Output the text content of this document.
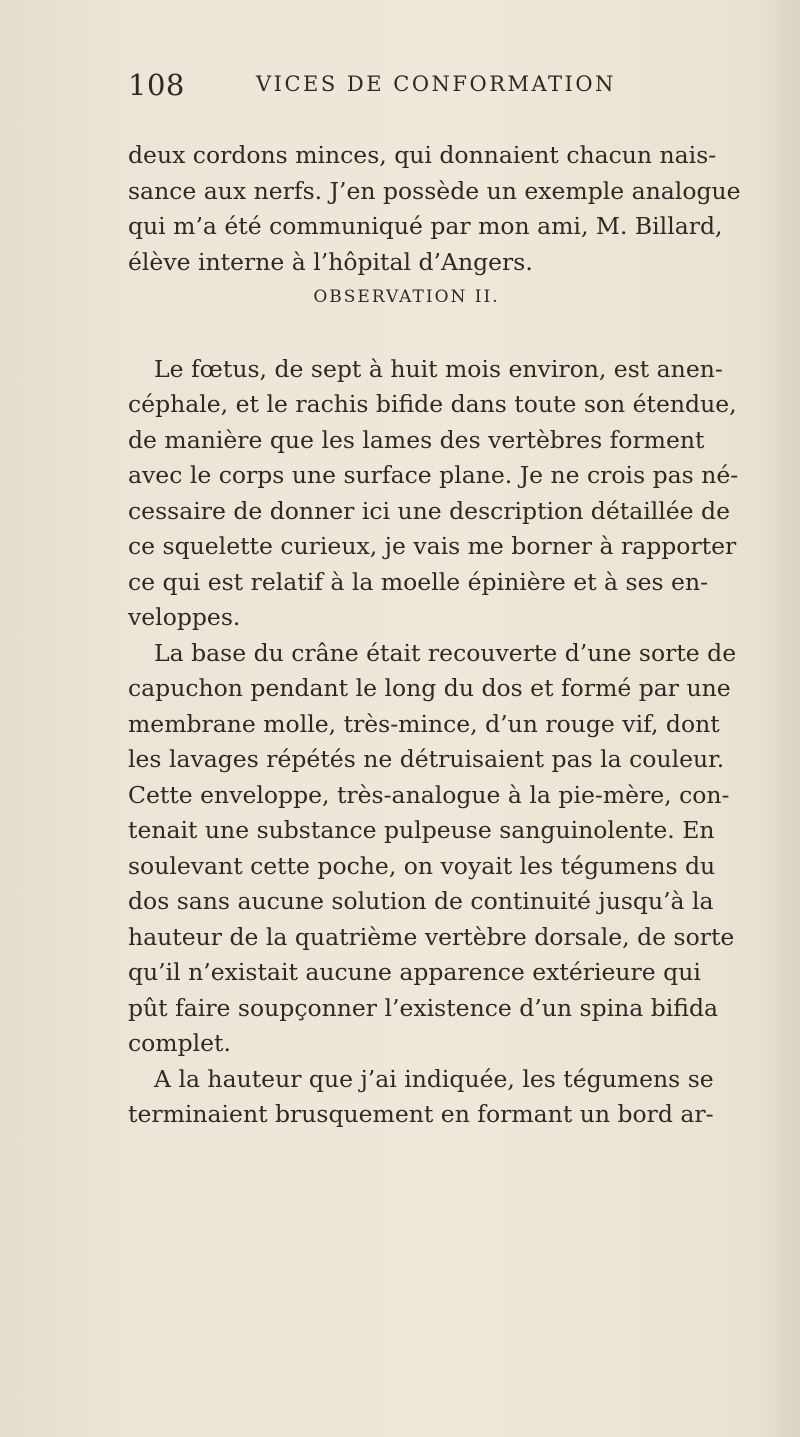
108	VICES DE CONFORMATION
deux cordons minces, qui donnaient chacun nais-
sance aux nerfs. J’en possède un exemple analogue
qui m’a été communiqué par mon ami, M. Billard,
élève interne à l’hôpital d’Angers.
OBSERVATION II.
Le fœtus, de sept à huit mois environ, est anen-
céphale, et le rachis bifide dans toute son étendue,
de manière que les lames des vertèbres forment
avec le corps une surface plane. Je ne crois pas né-
cessaire de donner ici une description détaillée de
ce squelette curieux, je vais me borner à rapporter
ce qui est relatif à la moelle épinière et à ses en-
veloppes.
La base du crâne était recouverte d’une sorte de
capuchon pendant le long du dos et formé par une
membrane molle, très-mince, d’un rouge vif, dont
les lavages répétés ne détruisaient pas la couleur.
Cette enveloppe, très-analogue à la pie-mère, con-
tenait une substance pulpeuse sanguinolente. En
soulevant cette poche, on voyait les tégumens du
dos sans aucune solution de continuité jusqu’à la
hauteur de la quatrième vertèbre dorsale, de sorte
qu’il n’existait aucune apparence extérieure qui
pût faire soupçonner l’existence d’un spina bifida
complet.
A la hauteur que j’ai indiquée, les tégumens se
terminaient brusquement en formant un bord ar-
